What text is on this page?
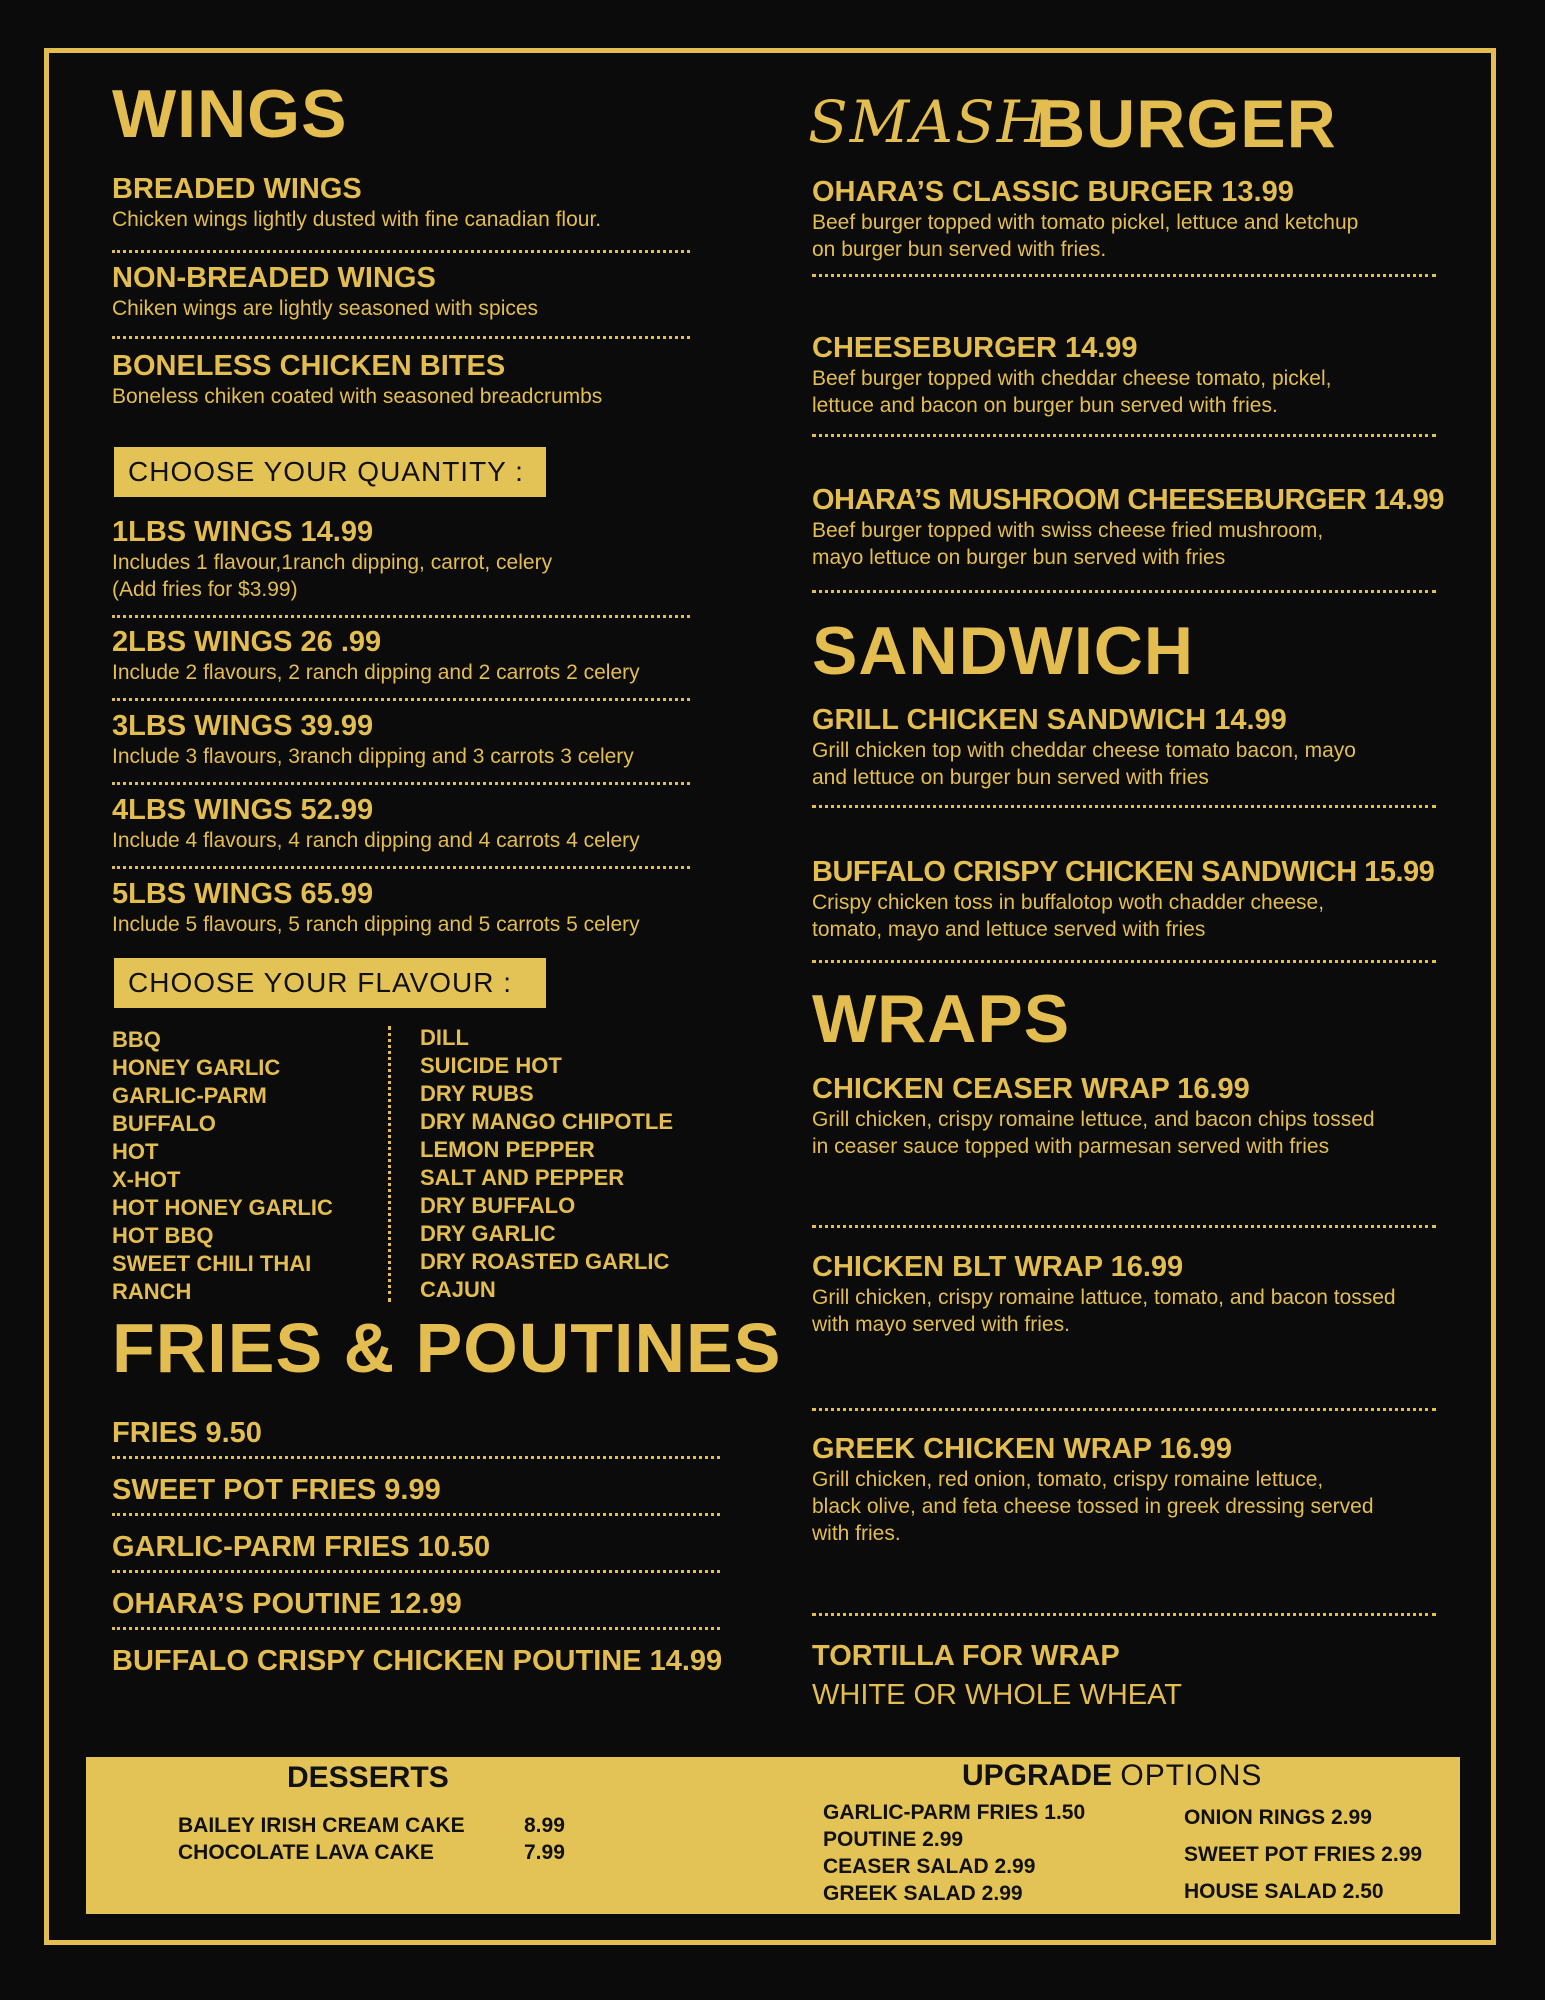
WINGS
BREADED WINGS
Chicken wings lightly dusted with fine canadian flour.
NON-BREADED WINGS
Chiken wings are lightly seasoned with spices
BONELESS CHICKEN BITES
Boneless chiken coated with seasoned breadcrumbs
CHOOSE YOUR QUANTITY :
1LBS WINGS 14.99
Includes 1 flavour,1ranch dipping, carrot, celery
(Add fries for $3.99)
2LBS WINGS 26 .99
Include 2 flavours, 2 ranch dipping and 2 carrots 2 celery
3LBS WINGS 39.99
Include 3 flavours, 3ranch dipping and 3 carrots 3 celery
4LBS WINGS 52.99
Include 4 flavours, 4 ranch dipping and 4 carrots 4 celery
5LBS WINGS 65.99
Include 5 flavours, 5 ranch dipping and 5 carrots 5 celery
CHOOSE YOUR FLAVOUR :
BBQ
HONEY GARLIC
GARLIC-PARM
BUFFALO
HOT
X-HOT
HOT HONEY GARLIC
HOT BBQ
SWEET CHILI THAI
RANCH
DILL
SUICIDE HOT
DRY RUBS
DRY MANGO CHIPOTLE
LEMON PEPPER
SALT AND PEPPER
DRY BUFFALO
DRY GARLIC
DRY ROASTED GARLIC
CAJUN
FRIES & POUTINES
FRIES 9.50
SWEET POT FRIES 9.99
GARLIC-PARM FRIES 10.50
OHARA’S POUTINE 12.99
BUFFALO CRISPY CHICKEN POUTINE 14.99
SMASH
BURGER
OHARA’S CLASSIC BURGER 13.99
Beef burger topped with tomato pickel, lettuce and ketchup
on burger bun served with fries.
CHEESEBURGER 14.99
Beef burger topped with cheddar cheese tomato, pickel,
lettuce and bacon on burger bun served with fries.
OHARA’S MUSHROOM CHEESEBURGER 14.99
Beef burger topped with swiss cheese fried mushroom,
mayo lettuce on burger bun served with fries
SANDWICH
GRILL CHICKEN SANDWICH 14.99
Grill chicken top with cheddar cheese tomato bacon, mayo
and lettuce on burger bun served with fries
BUFFALO CRISPY CHICKEN SANDWICH 15.99
Crispy chicken toss in buffalotop woth chadder cheese,
tomato, mayo and lettuce served with fries
WRAPS
CHICKEN CEASER WRAP 16.99
Grill chicken, crispy romaine lettuce, and bacon chips tossed
in ceaser sauce topped with parmesan served with fries
CHICKEN BLT WRAP 16.99
Grill chicken, crispy romaine lattuce, tomato, and bacon tossed
with mayo served with fries.
GREEK CHICKEN WRAP 16.99
Grill chicken, red onion, tomato, crispy romaine lettuce,
black olive, and feta cheese tossed in greek dressing served
with fries.
TORTILLA FOR WRAP
WHITE OR WHOLE WHEAT
DESSERTS
BAILEY IRISH CREAM CAKE	8.99
CHOCOLATE LAVA CAKE	7.99
UPGRADE OPTIONS
GARLIC-PARM FRIES 1.50
POUTINE 2.99
CEASER SALAD 2.99
GREEK SALAD 2.99
ONION RINGS 2.99
SWEET POT FRIES 2.99
HOUSE SALAD 2.50
